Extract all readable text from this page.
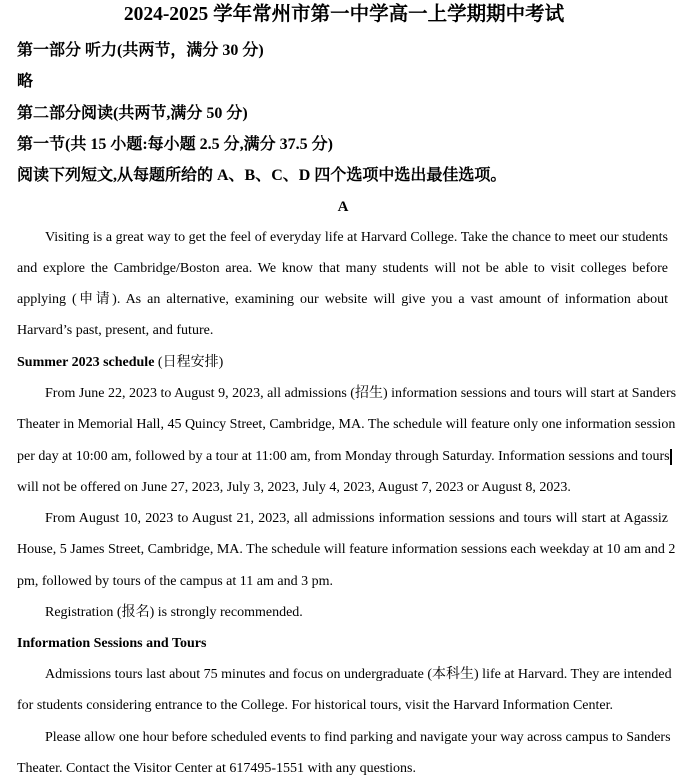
2024-2025 学年常州市第一中学高一上学期期中考试
第一部分 听力(共两节，满分 30 分)
略
第二部分阅读(共两节,满分 50 分)
第一节(共 15 小题:每小题 2.5 分,满分 37.5 分)
阅读下列短文,从每题所给的 A、B、C、D 四个选项中选出最佳选项。
A
Visiting is a great way to get the feel of everyday life at Harvard College. Take the chance to meet our students
and explore the Cambridge/Boston area. We know that many students will not be able to visit colleges before
applying (申请). As an alternative, examining our website will give you a vast amount of information about
Harvard’s past, present, and future.
Summer 2023 schedule (日程安排)
From June 22, 2023 to August 9, 2023, all admissions (招生) information sessions and tours will start at Sanders
Theater in Memorial Hall, 45 Quincy Street, Cambridge, MA. The schedule will feature only one information session
per day at 10:00 am, followed by a tour at 11:00 am, from Monday through Saturday. Information sessions and tours
will not be offered on June 27, 2023, July 3, 2023, July 4, 2023, August 7, 2023 or August 8, 2023.
From August 10, 2023 to August 21, 2023, all admissions information sessions and tours will start at Agassiz
House, 5 James Street, Cambridge, MA. The schedule will feature information sessions each weekday at 10 am and 2
pm, followed by tours of the campus at 11 am and 3 pm.
Registration (报名) is strongly recommended.
Information Sessions and Tours
Admissions tours last about 75 minutes and focus on undergraduate (本科生) life at Harvard. They are intended
for students considering entrance to the College. For historical tours, visit the Harvard Information Center.
Please allow one hour before scheduled events to find parking and navigate your way across campus to Sanders
Theater. Contact the Visitor Center at 617495-1551 with any questions.
